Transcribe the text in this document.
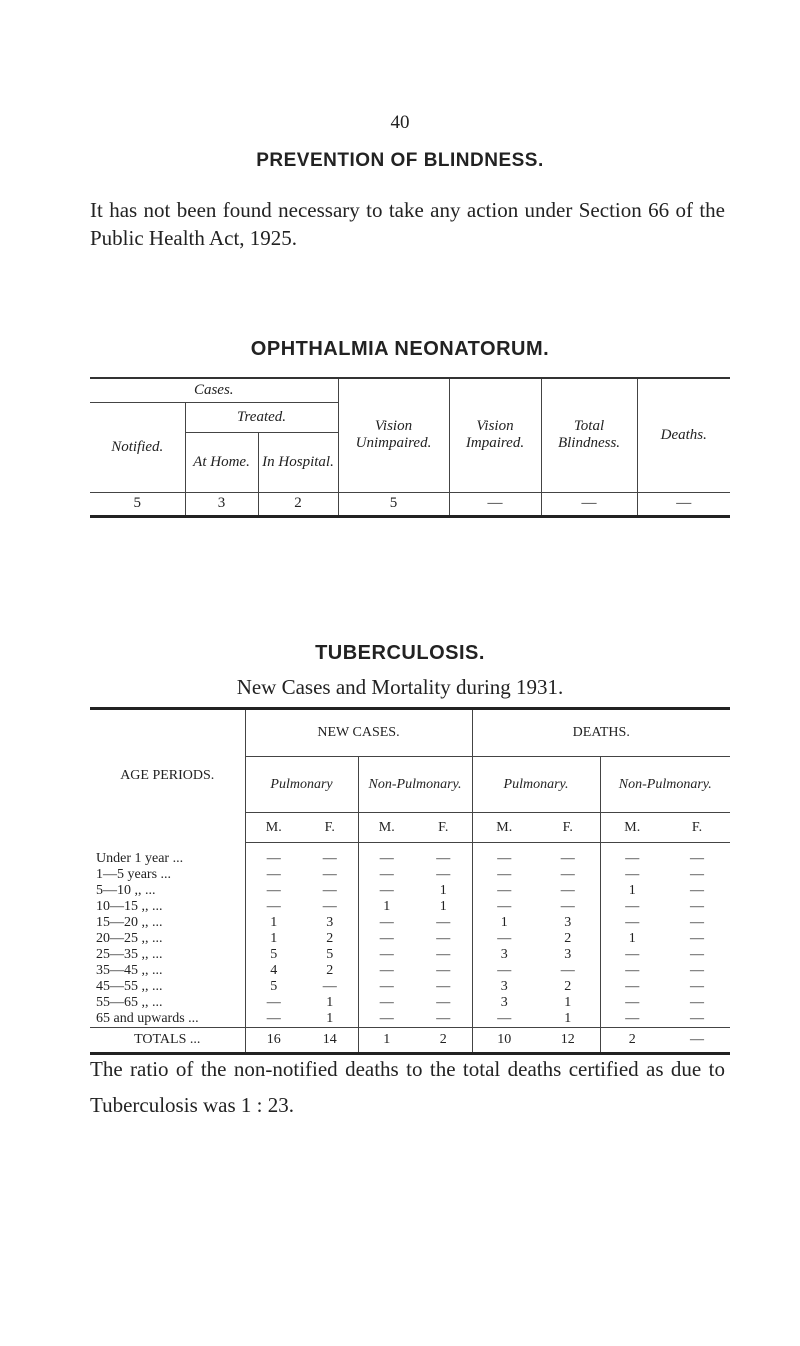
40
PREVENTION OF BLINDNESS.
It has not been found necessary to take any action under Section 66 of the Public Health Act, 1925.
OPHTHALMIA NEONATORUM.
Cases.			Vision Unimpaired.	Vision Impaired.	Total Blindness.	Deaths.
Notified.	Treated.					
	At Home.	In Hospital.				
5	3	2	5	—	—	—
TUBERCULOSIS.
New Cases and Mortality during 1931.
AGE PERIODS.	NEW CASES.				DEATHS.			
	Pulmonary		Non-Pulmonary.		Pulmonary.		Non-Pulmonary.	
	M.	F.	M.	F.	M.	F.	M.	F.
Under 1 year ...	—	—	—	—	—	—	—	—
1—5 years ...	—	—	—	—	—	—	—	—
5—10 ,, ...	—	—	—	1	—	—	1	—
10—15 ,, ...	—	—	1	1	—	—	—	—
15—20 ,, ...	1	3	—	—	1	3	—	—
20—25 ,, ...	1	2	—	—	—	2	1	—
25—35 ,, ...	5	5	—	—	3	3	—	—
35—45 ,, ...	4	2	—	—	—	—	—	—
45—55 ,, ...	5	—	—	—	3	2	—	—
55—65 ,, ...	—	1	—	—	3	1	—	—
65 and upwards ...	—	1	—	—	—	1	—	—
TOTALS ...	16	14	1	2	10	12	2	—
The ratio of the non-notified deaths to the total deaths certified as due to Tuberculosis was 1 : 23.
